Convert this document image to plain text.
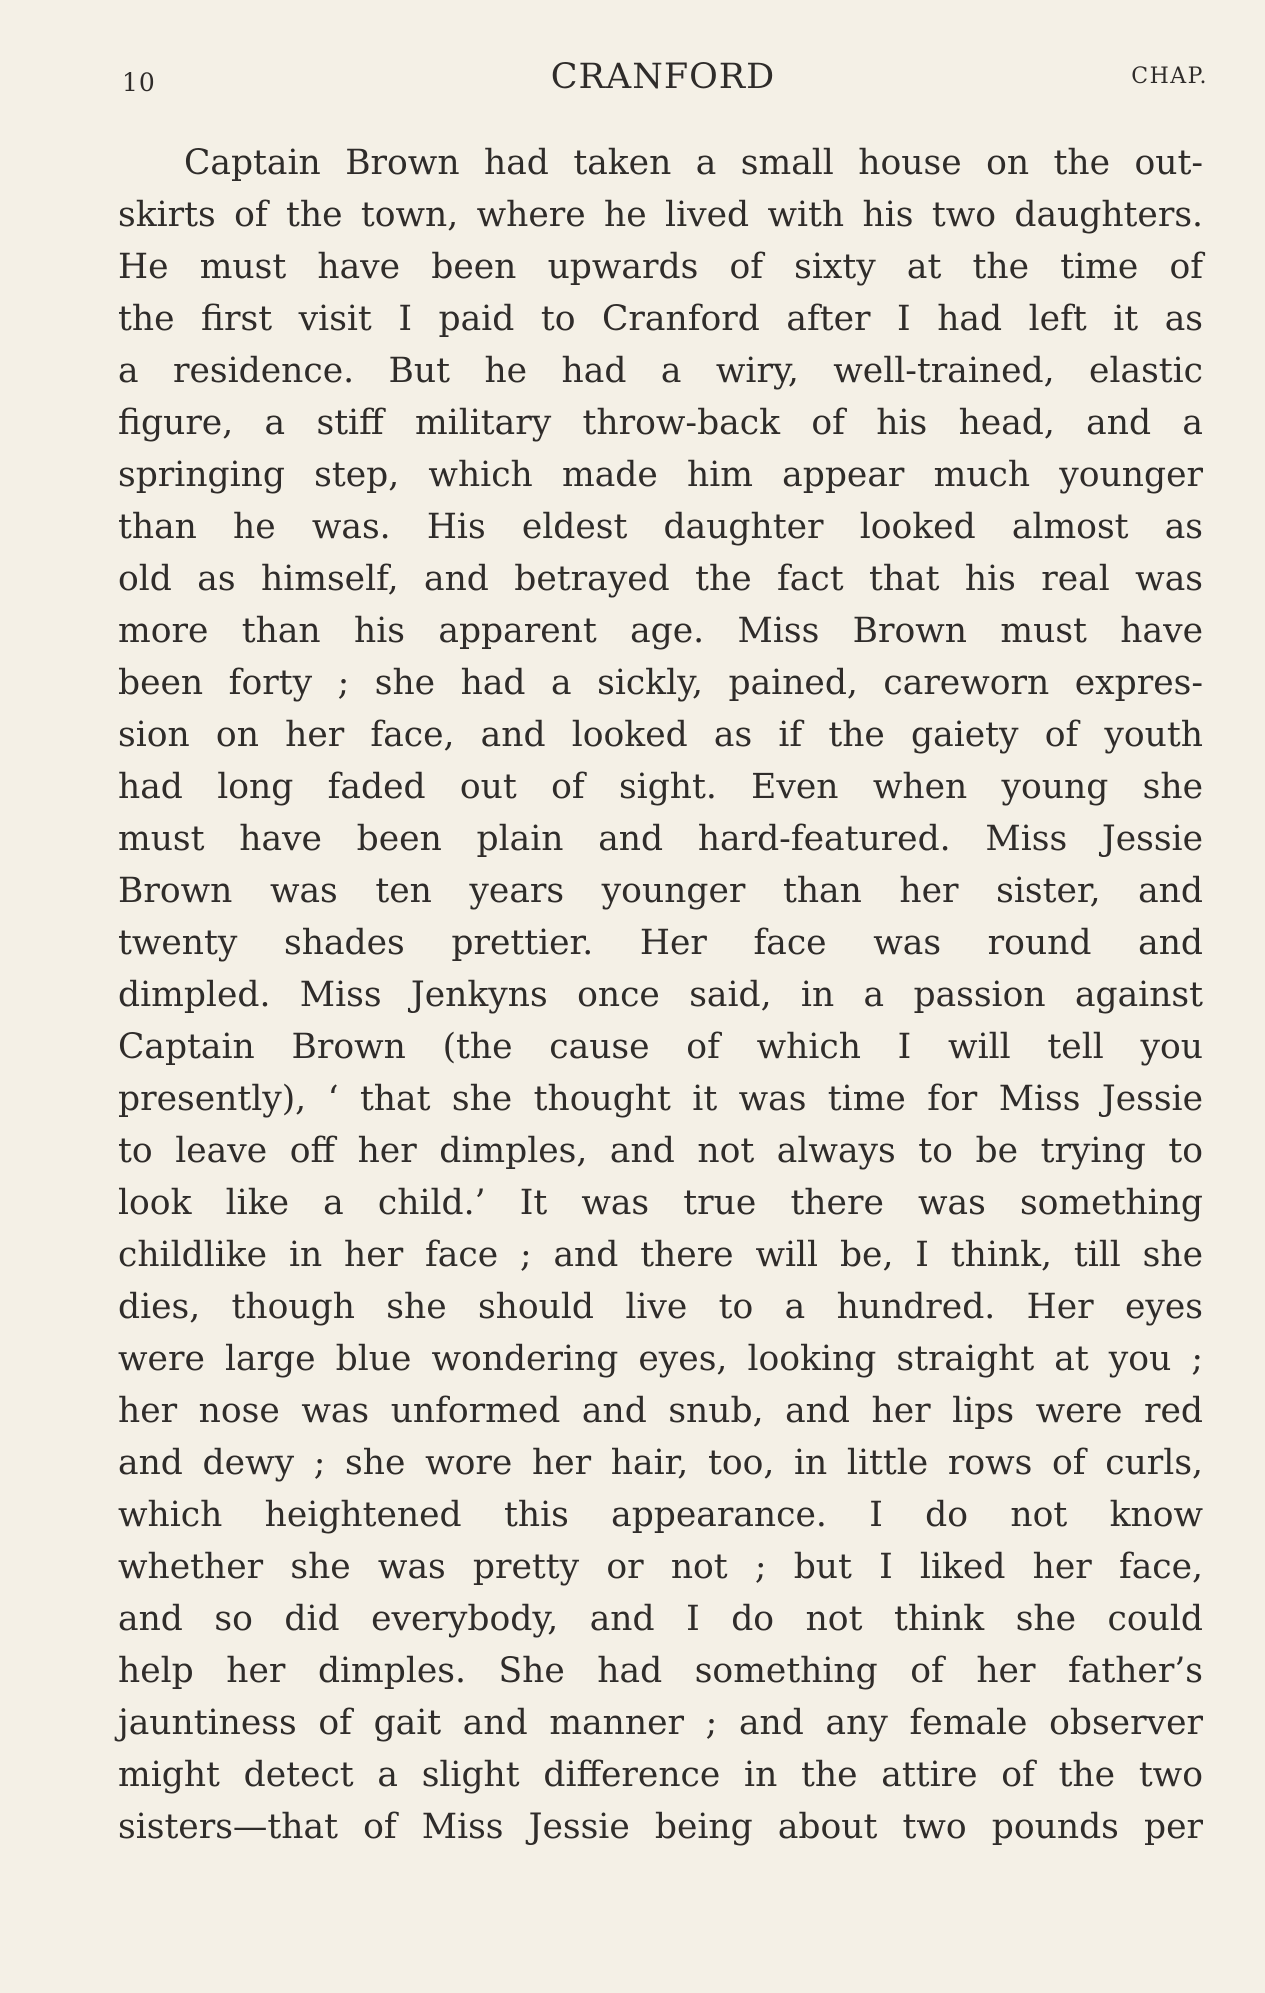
10	CRANFORD	CHAP.
Captain Brown had taken a small house on the out-
skirts of the town, where he lived with his two daughters.
He must have been upwards of sixty at the time of
the first visit I paid to Cranford after I had left it as
a residence. But he had a wiry, well-trained, elastic
figure, a stiff military throw-back of his head, and a
springing step, which made him appear much younger
than he was. His eldest daughter looked almost as
old as himself, and betrayed the fact that his real was
more than his apparent age. Miss Brown must have
been forty ; she had a sickly, pained, careworn expres-
sion on her face, and looked as if the gaiety of youth
had long faded out of sight. Even when young she
must have been plain and hard-featured. Miss Jessie
Brown was ten years younger than her sister, and
twenty shades prettier. Her face was round and
dimpled. Miss Jenkyns once said, in a passion against
Captain Brown (the cause of which I will tell you
presently), ‘ that she thought it was time for Miss Jessie
to leave off her dimples, and not always to be trying to
look like a child.’ It was true there was something
childlike in her face ; and there will be, I think, till she
dies, though she should live to a hundred. Her eyes
were large blue wondering eyes, looking straight at you ;
her nose was unformed and snub, and her lips were red
and dewy ; she wore her hair, too, in little rows of curls,
which heightened this appearance. I do not know
whether she was pretty or not ; but I liked her face,
and so did everybody, and I do not think she could
help her dimples. She had something of her father’s
jauntiness of gait and manner ; and any female observer
might detect a slight difference in the attire of the two
sisters—that of Miss Jessie being about two pounds per
